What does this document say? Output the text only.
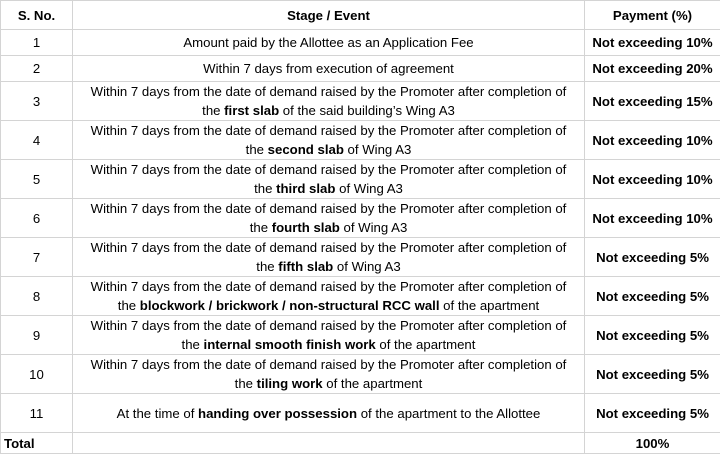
S. No.	Stage / Event	Payment (%)
1	Amount paid by the Allottee as an Application Fee	Not exceeding 10%
2	Within 7 days from execution of agreement	Not exceeding 20%
3	Within 7 days from the date of demand raised by the Promoter after completion of
the first slab of the said building’s Wing A3	Not exceeding 15%
4	Within 7 days from the date of demand raised by the Promoter after completion of
the second slab of Wing A3	Not exceeding 10%
5	Within 7 days from the date of demand raised by the Promoter after completion of
the third slab of Wing A3	Not exceeding 10%
6	Within 7 days from the date of demand raised by the Promoter after completion of
the fourth slab of Wing A3	Not exceeding 10%
7	Within 7 days from the date of demand raised by the Promoter after completion of
the fifth slab of Wing A3	Not exceeding 5%
8	Within 7 days from the date of demand raised by the Promoter after completion of
the blockwork / brickwork / non-structural RCC wall of the apartment	Not exceeding 5%
9	Within 7 days from the date of demand raised by the Promoter after completion of
the internal smooth finish work of the apartment	Not exceeding 5%
10	Within 7 days from the date of demand raised by the Promoter after completion of
the tiling work of the apartment	Not exceeding 5%
11	At the time of handing over possession of the apartment to the Allottee	Not exceeding 5%
Total		100%
